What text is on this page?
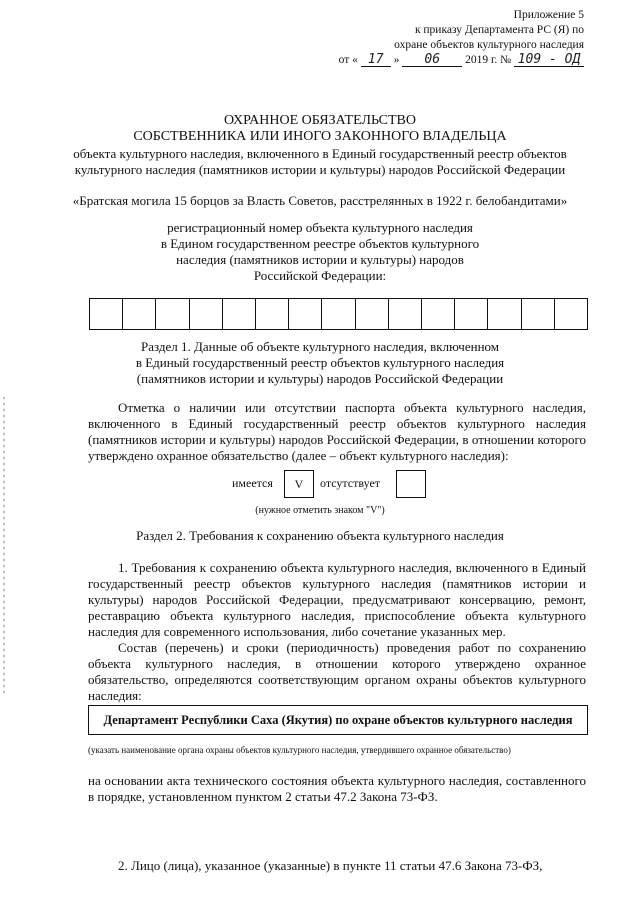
Приложение 5
к приказу Департамента РС (Я) по
охране объектов культурного наследия
от « 17 » 06 2019 г. № 109 - ОД
ОХРАННОЕ ОБЯЗАТЕЛЬСТВО
СОБСТВЕННИКА ИЛИ ИНОГО ЗАКОННОГО ВЛАДЕЛЬЦА
объекта культурного наследия, включенного в Единый государственный реестр объектов
культурного наследия (памятников истории и культуры) народов Российской Федерации
«Братская могила 15 борцов за Власть Советов, расстрелянных в 1922 г. белобандитами»
регистрационный номер объекта культурного наследия
в Едином государственном реестре объектов культурного
наследия (памятников истории и культуры) народов
Российской Федерации:
Раздел 1. Данные об объекте культурного наследия, включенном
в Единый государственный реестр объектов культурного наследия
(памятников истории и культуры) народов Российской Федерации
Отметка о наличии или отсутствии паспорта объекта культурного наследия, включенного в Единый государственный реестр объектов культурного наследия (памятников истории и культуры) народов Российской Федерации, в отношении которого утверждено охранное обязательство (далее – объект культурного наследия):
имеется	V	отсутствует
(нужное отметить знаком "V")
Раздел 2. Требования к сохранению объекта культурного наследия
1. Требования к сохранению объекта культурного наследия, включенного в Единый государственный реестр объектов культурного наследия (памятников истории и культуры) народов Российской Федерации, предусматривают консервацию, ремонт, реставрацию объекта культурного наследия, приспособление объекта культурного наследия для современного использования, либо сочетание указанных мер.
Состав (перечень) и сроки (периодичность) проведения работ по сохранению объекта культурного наследия, в отношении которого утверждено охранное обязательство, определяются соответствующим органом охраны объектов культурного наследия:
Департамент Республики Саха (Якутия) по охране объектов культурного наследия
(указать наименование органа охраны объектов культурного наследия, утвердившего охранное обязательство)
на основании акта технического состояния объекта культурного наследия, составленного в порядке, установленном пунктом 2 статьи 47.2 Закона 73-ФЗ.
2. Лицо (лица), указанное (указанные) в пункте 11 статьи 47.6 Закона 73-ФЗ,
